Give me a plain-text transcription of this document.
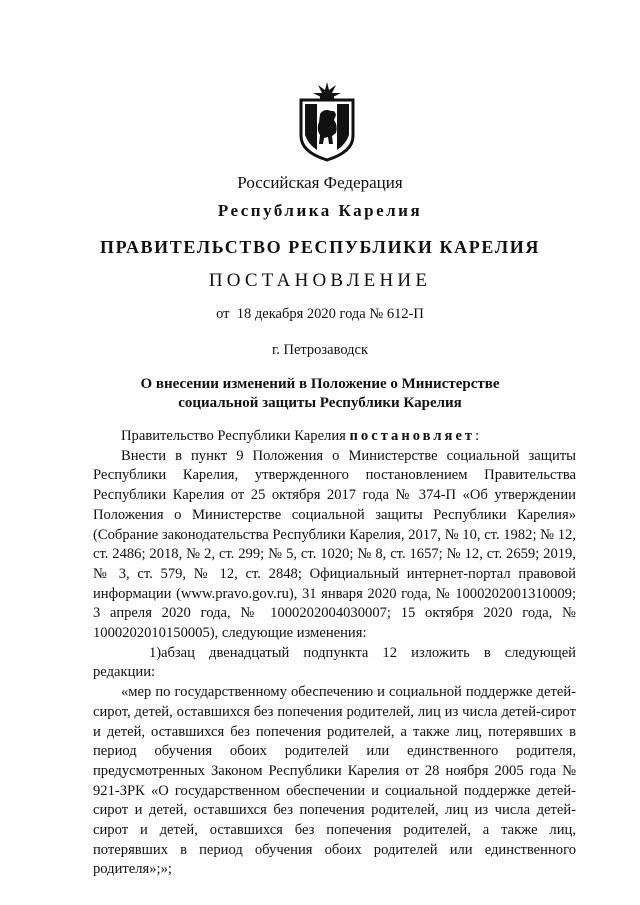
Российская Федерация
Республика Карелия
ПРАВИТЕЛЬСТВО РЕСПУБЛИКИ КАРЕЛИЯ
ПОСТАНОВЛЕНИЕ
от  18 декабря 2020 года № 612-П
г. Петрозаводск
О внесении изменений в Положение о Министерстве
социальной защиты Республики Карелия

Правительство Республики Карелия постановляет:

Внести в пункт 9 Положения о Министерстве социальной защиты Республики Карелия, утвержденного постановлением Правительства Республики Карелия от 25 октября 2017 года № 374-П «Об утверждении Положения о Министерстве социальной защиты Республики Карелия» (Собрание законодательства Республики Карелия, 2017, № 10, ст. 1982; № 12, ст. 2486; 2018, № 2, ст. 299; № 5, ст. 1020; № 8, ст. 1657; № 12, ст. 2659; 2019, № 3, ст. 579, № 12, ст. 2848; Официальный интернет-портал правовой информации (www.pravo.gov.ru), 31 января 2020 года, № 1000202001310009; 3 апреля 2020 года, № 1000202004030007; 15 октября 2020 года, № 1000202010150005), следующие изменения:

1)абзац двенадцатый подпункта 12 изложить в следующей редакции:

«мер по государственному обеспечению и социальной поддержке детей-сирот, детей, оставшихся без попечения родителей, лиц из числа детей-сирот и детей, оставшихся без попечения родителей, а также лиц, потерявших в период обучения обоих родителей или единственного родителя, предусмотренных Законом Республики Карелия от 28 ноября 2005 года № 921-ЗРК «О государственном обеспечении и социальной поддержке детей-сирот и детей, оставшихся без попечения родителей, лиц из числа детей-сирот и детей, оставшихся без попечения родителей, а также лиц, потерявших в период обучения обоих родителей или единственного родителя»;»;
